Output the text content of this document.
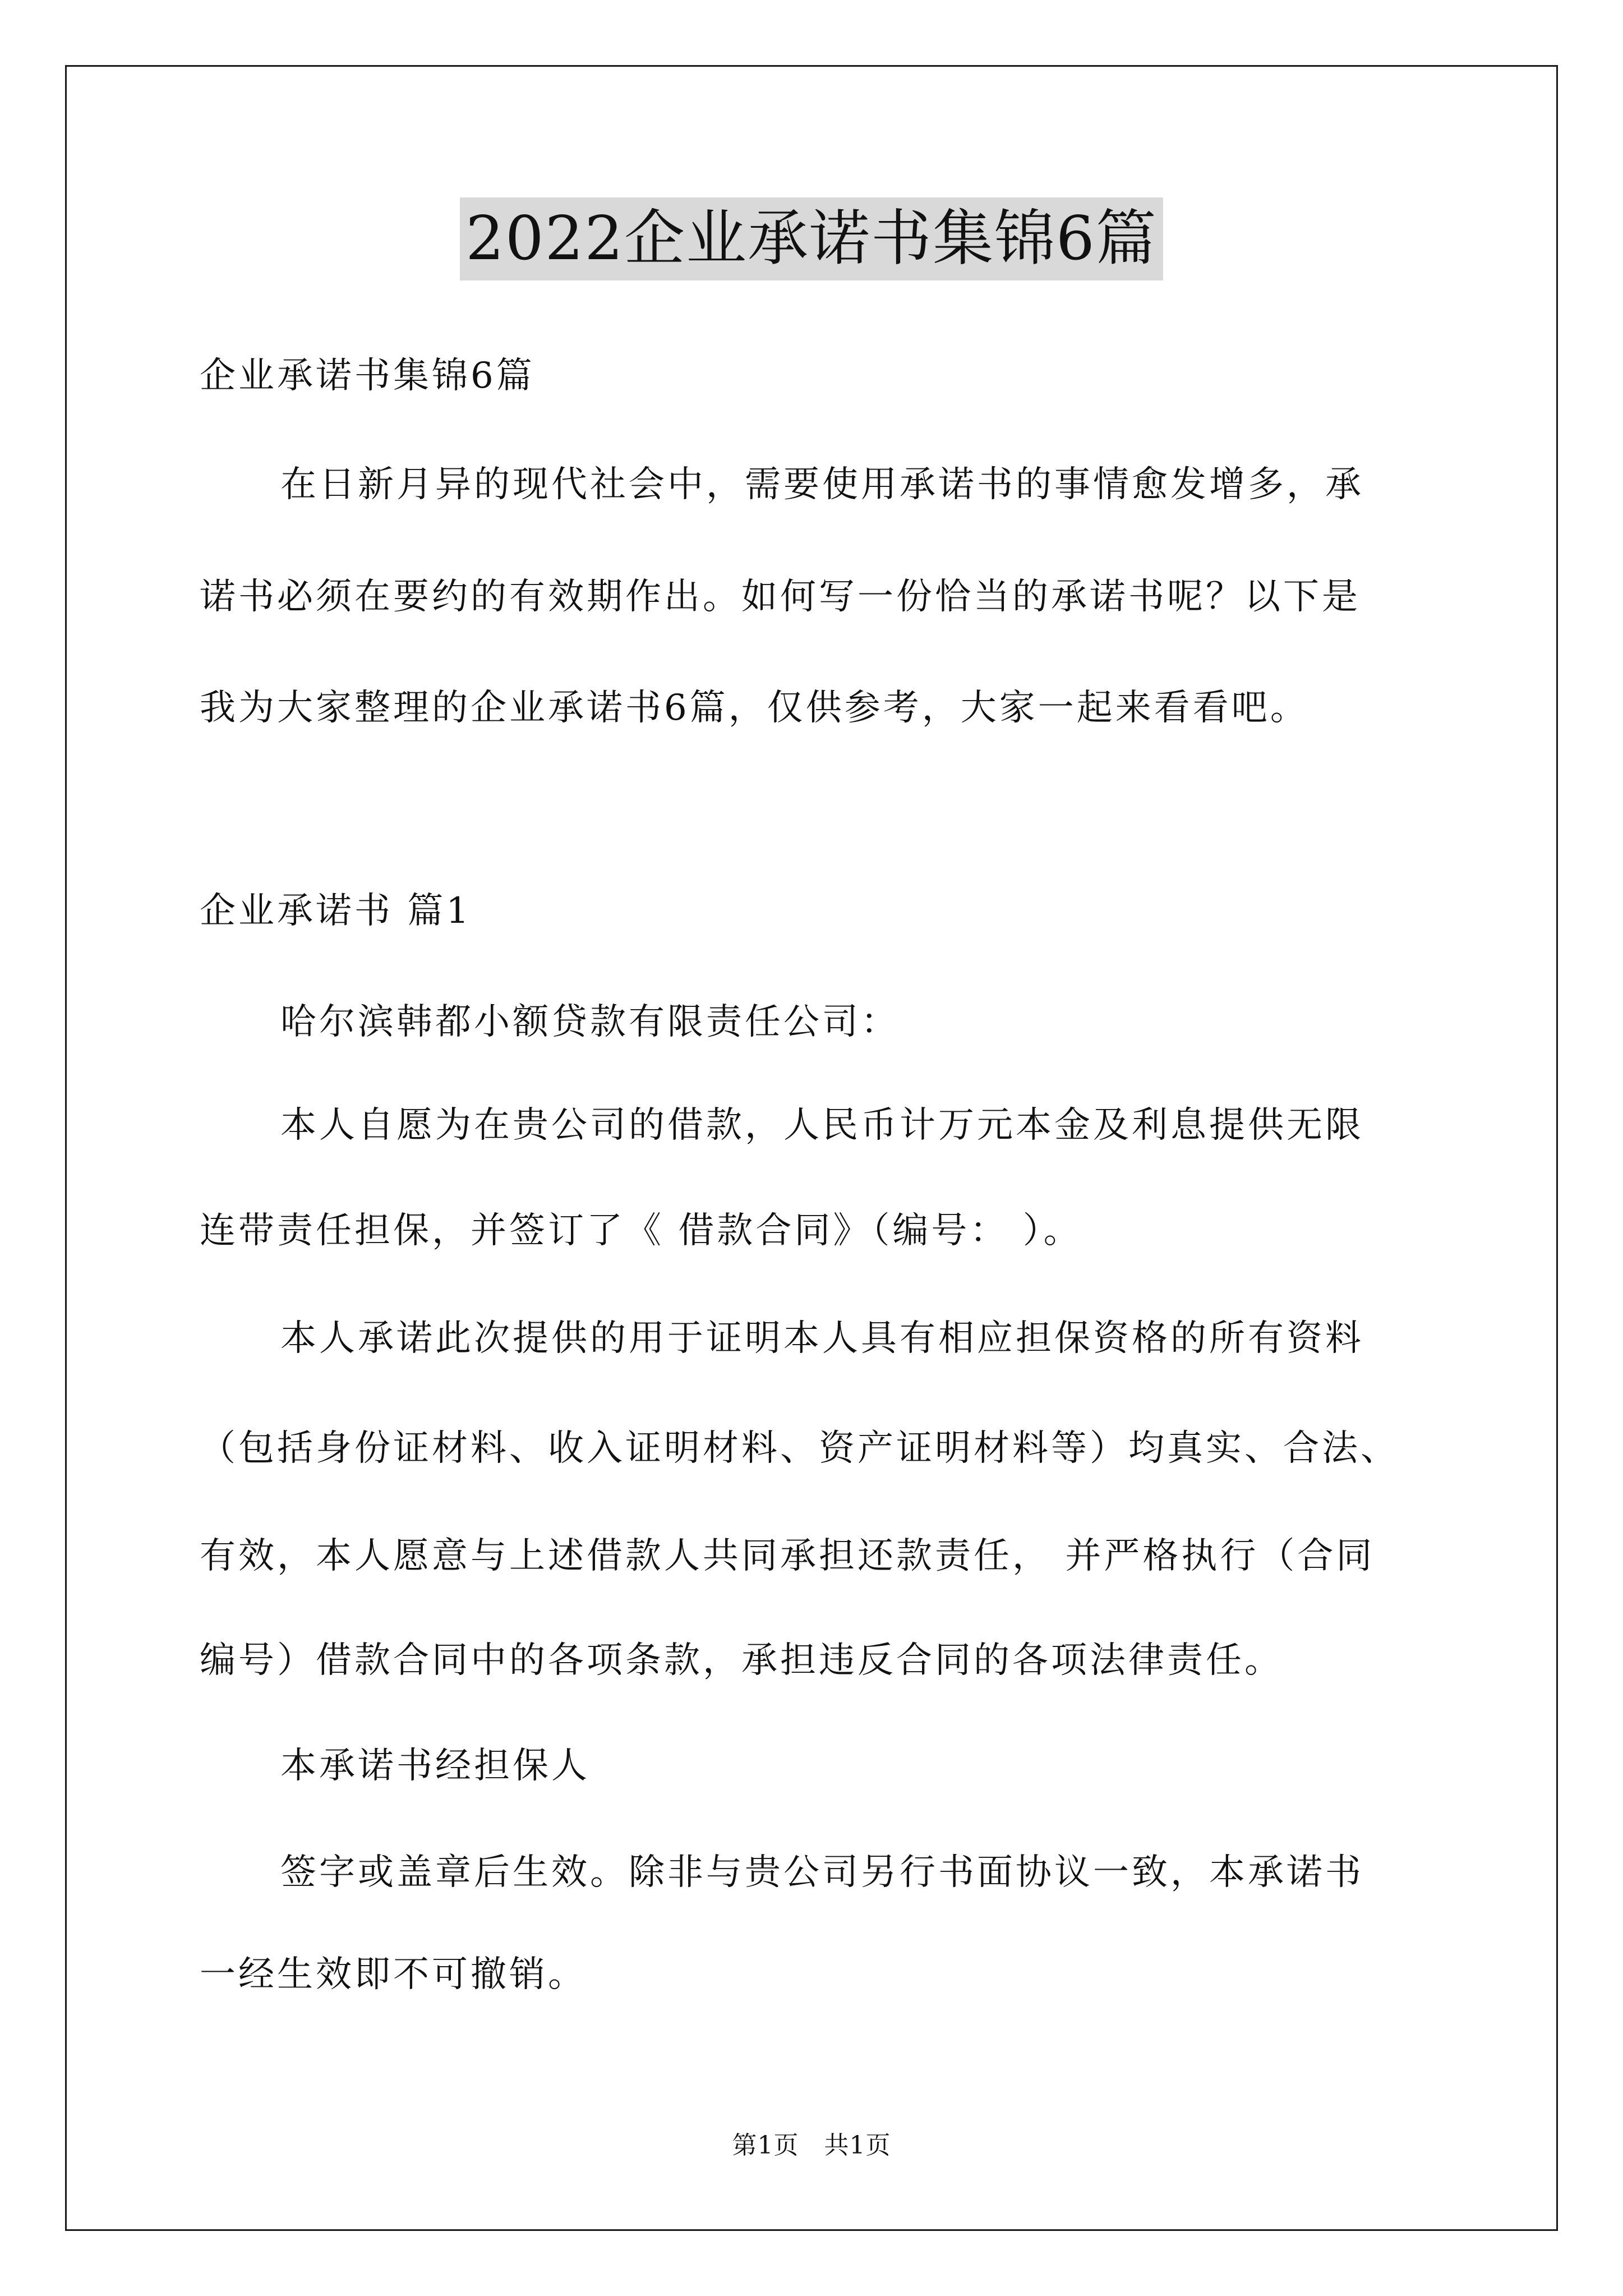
2022企业承诺书集锦6篇
企业承诺书集锦6篇
在日新月异的现代社会中，需要使用承诺书的事情愈发增多，承
诺书必须在要约的有效期作出。如何写一份恰当的承诺书呢？以下是
我为大家整理的企业承诺书6篇，仅供参考，大家一起来看看吧。
企业承诺书 篇1
哈尔滨韩都小额贷款有限责任公司：
本人自愿为在贵公司的借款，人民币计万元本金及利息提供无限
连带责任担保，并签订了《 借款合同》（编号： ）。
本人承诺此次提供的用于证明本人具有相应担保资格的所有资料
（包括身份证材料、收入证明材料、资产证明材料等）均真实、合法、
有效，本人愿意与上述借款人共同承担还款责任， 并严格执行（合同
编号）借款合同中的各项条款，承担违反合同的各项法律责任。
本承诺书经担保人
签字或盖章后生效。除非与贵公司另行书面协议一致，本承诺书
一经生效即不可撤销。
第1页　共1页
